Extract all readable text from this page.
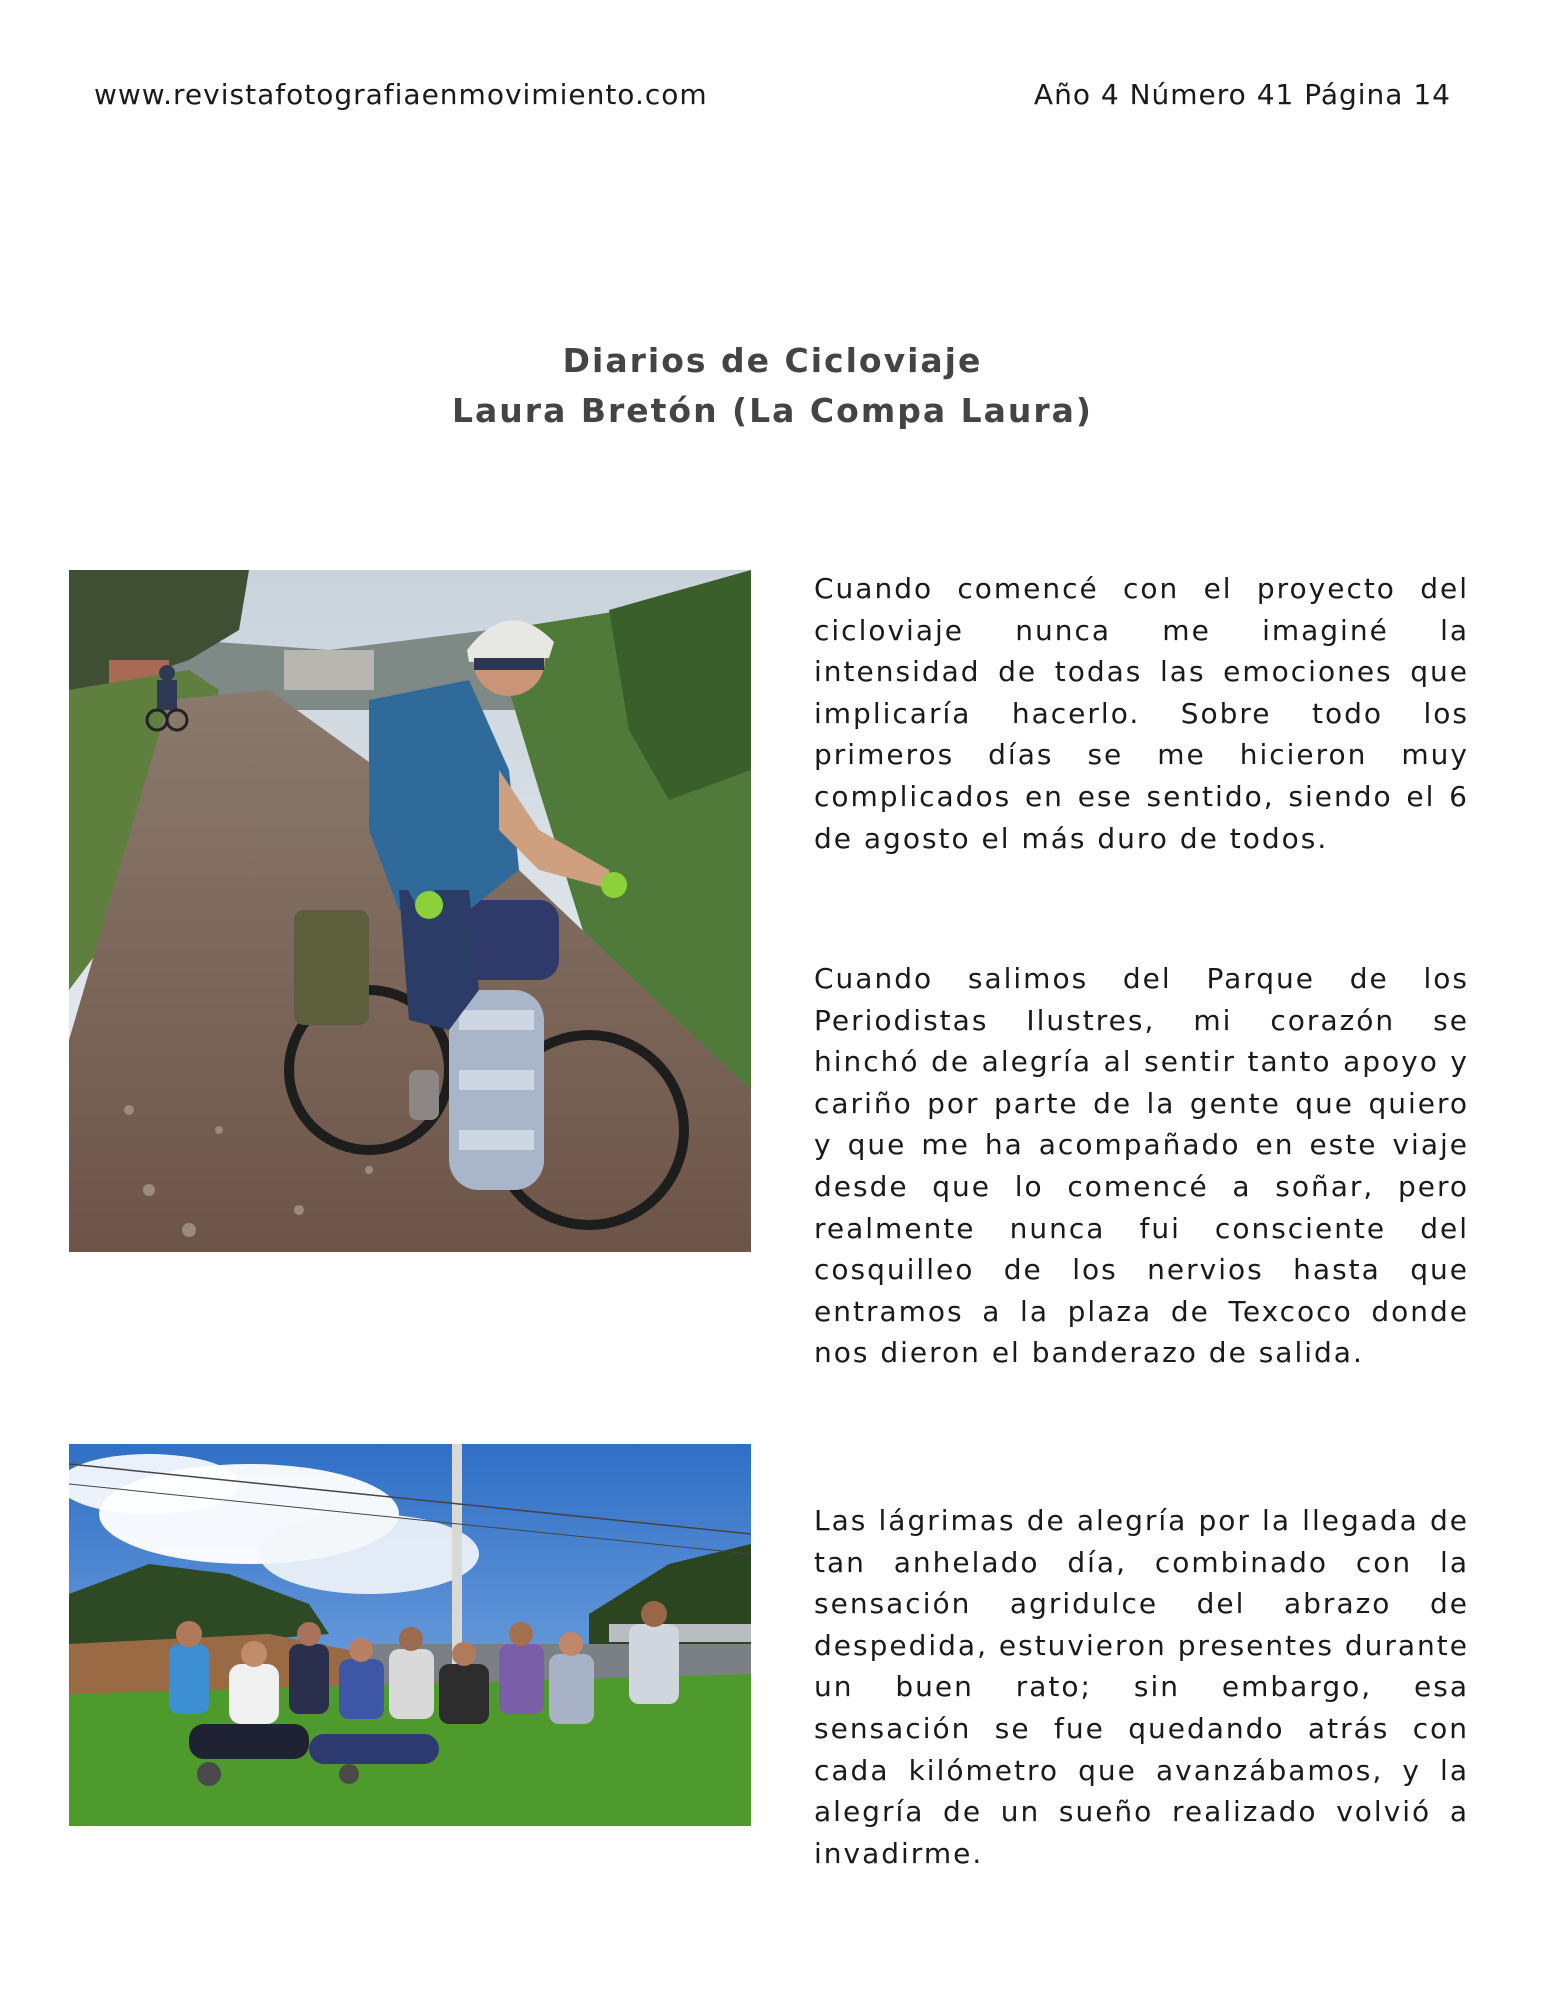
www.revistafotografiaenmovimiento.com	Año 4 Número 41 Página 14
Diarios de Cicloviaje
Laura Bretón (La Compa Laura)
Cuando comencé con el proyecto del cicloviaje nunca me imaginé la intensidad de todas las emociones que implicaría hacerlo. Sobre todo los primeros días se me hicieron muy complicados en ese sentido, siendo el 6 de agosto el más duro de todos.
Cuando salimos del Parque de los Periodistas Ilustres, mi corazón se hinchó de alegría al sentir tanto apoyo y cariño por parte de la gente que quiero y que me ha acompañado en este viaje desde que lo comencé a soñar, pero realmente nunca fui consciente del cosquilleo de los nervios hasta que entramos a la plaza de Texcoco donde nos dieron el banderazo de salida.
Las lágrimas de alegría por la llegada de tan anhelado día, combinado con la sensación agridulce del abrazo de despedida, estuvieron presentes durante un buen rato; sin embargo, esa sensación se fue quedando atrás con cada kilómetro que avanzábamos, y la alegría de un sueño realizado volvió a invadirme.
